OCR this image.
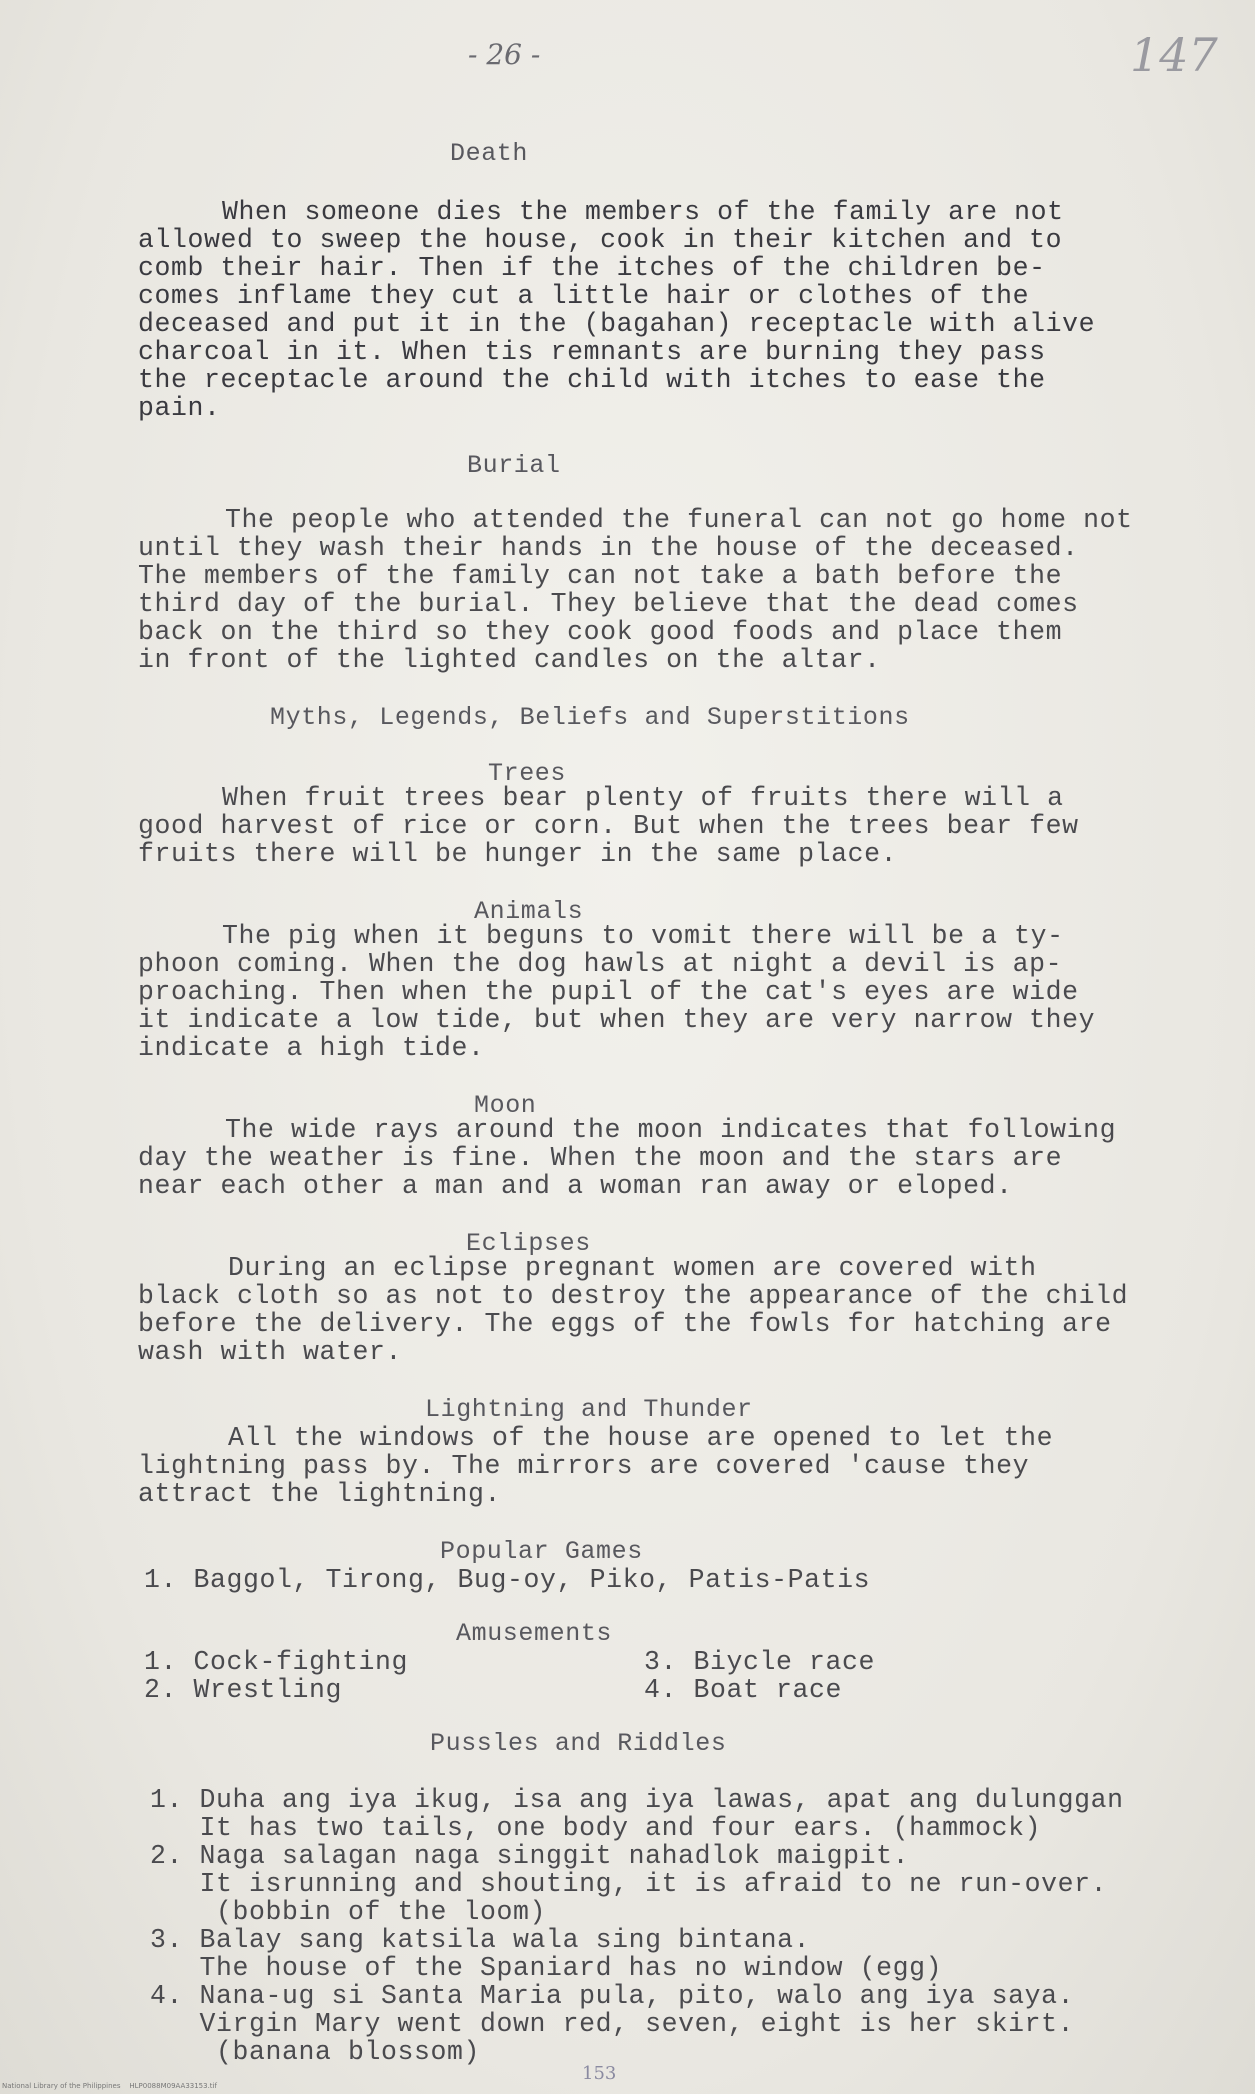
- 26 -	147
Death
When someone dies the members of the family are not
allowed to sweep the house, cook in their kitchen and to
comb their hair. Then if the itches of the children be-
comes inflame they cut a little hair or clothes of the
deceased and put it in the (bagahan) receptacle with alive
charcoal in it. When tis remnants are burning they pass
the receptacle around the child with itches to ease the
pain.
Burial
The people who attended the funeral can not go home not
until they wash their hands in the house of the deceased.
The members of the family can not take a bath before the
third day of the burial. They believe that the dead comes
back on the third so they cook good foods and place them
in front of the lighted candles on the altar.
Myths, Legends, Beliefs and Superstitions
Trees
When fruit trees bear plenty of fruits there will a
good harvest of rice or corn. But when the trees bear few
fruits there will be hunger in the same place.
Animals
The pig when it beguns to vomit there will be a ty-
phoon coming. When the dog hawls at night a devil is ap-
proaching. Then when the pupil of the cat's eyes are wide
it indicate a low tide, but when they are very narrow they
indicate a high tide.
Moon
The wide rays around the moon indicates that following
day the weather is fine. When the moon and the stars are
near each other a man and a woman ran away or eloped.
Eclipses
During an eclipse pregnant women are covered with
black cloth so as not to destroy the appearance of the child
before the delivery. The eggs of the fowls for hatching are
wash with water.
Lightning and Thunder
All the windows of the house are opened to let the
lightning pass by. The mirrors are covered 'cause they
attract the lightning.
Popular Games
1. Baggol, Tirong, Bug-oy, Piko, Patis-Patis
Amusements
1. Cock-fighting
2. Wrestling
3. Biycle race
4. Boat race
Pussles and Riddles
1. Duha ang iya ikug, isa ang iya lawas, apat ang dulunggan
It has two tails, one body and four ears. (hammock)
2. Naga salagan naga singgit nahadlok maigpit.
It isrunning and shouting, it is afraid to ne run-over.
(bobbin of the loom)
3. Balay sang katsila wala sing bintana.
The house of the Spaniard has no window (egg)
4. Nana-ug si Santa Maria pula, pito, walo ang iya saya.
Virgin Mary went down red, seven, eight is her skirt.
(banana blossom)
153
National Library of the Philippines    HLP0088M09AA33153.tif
